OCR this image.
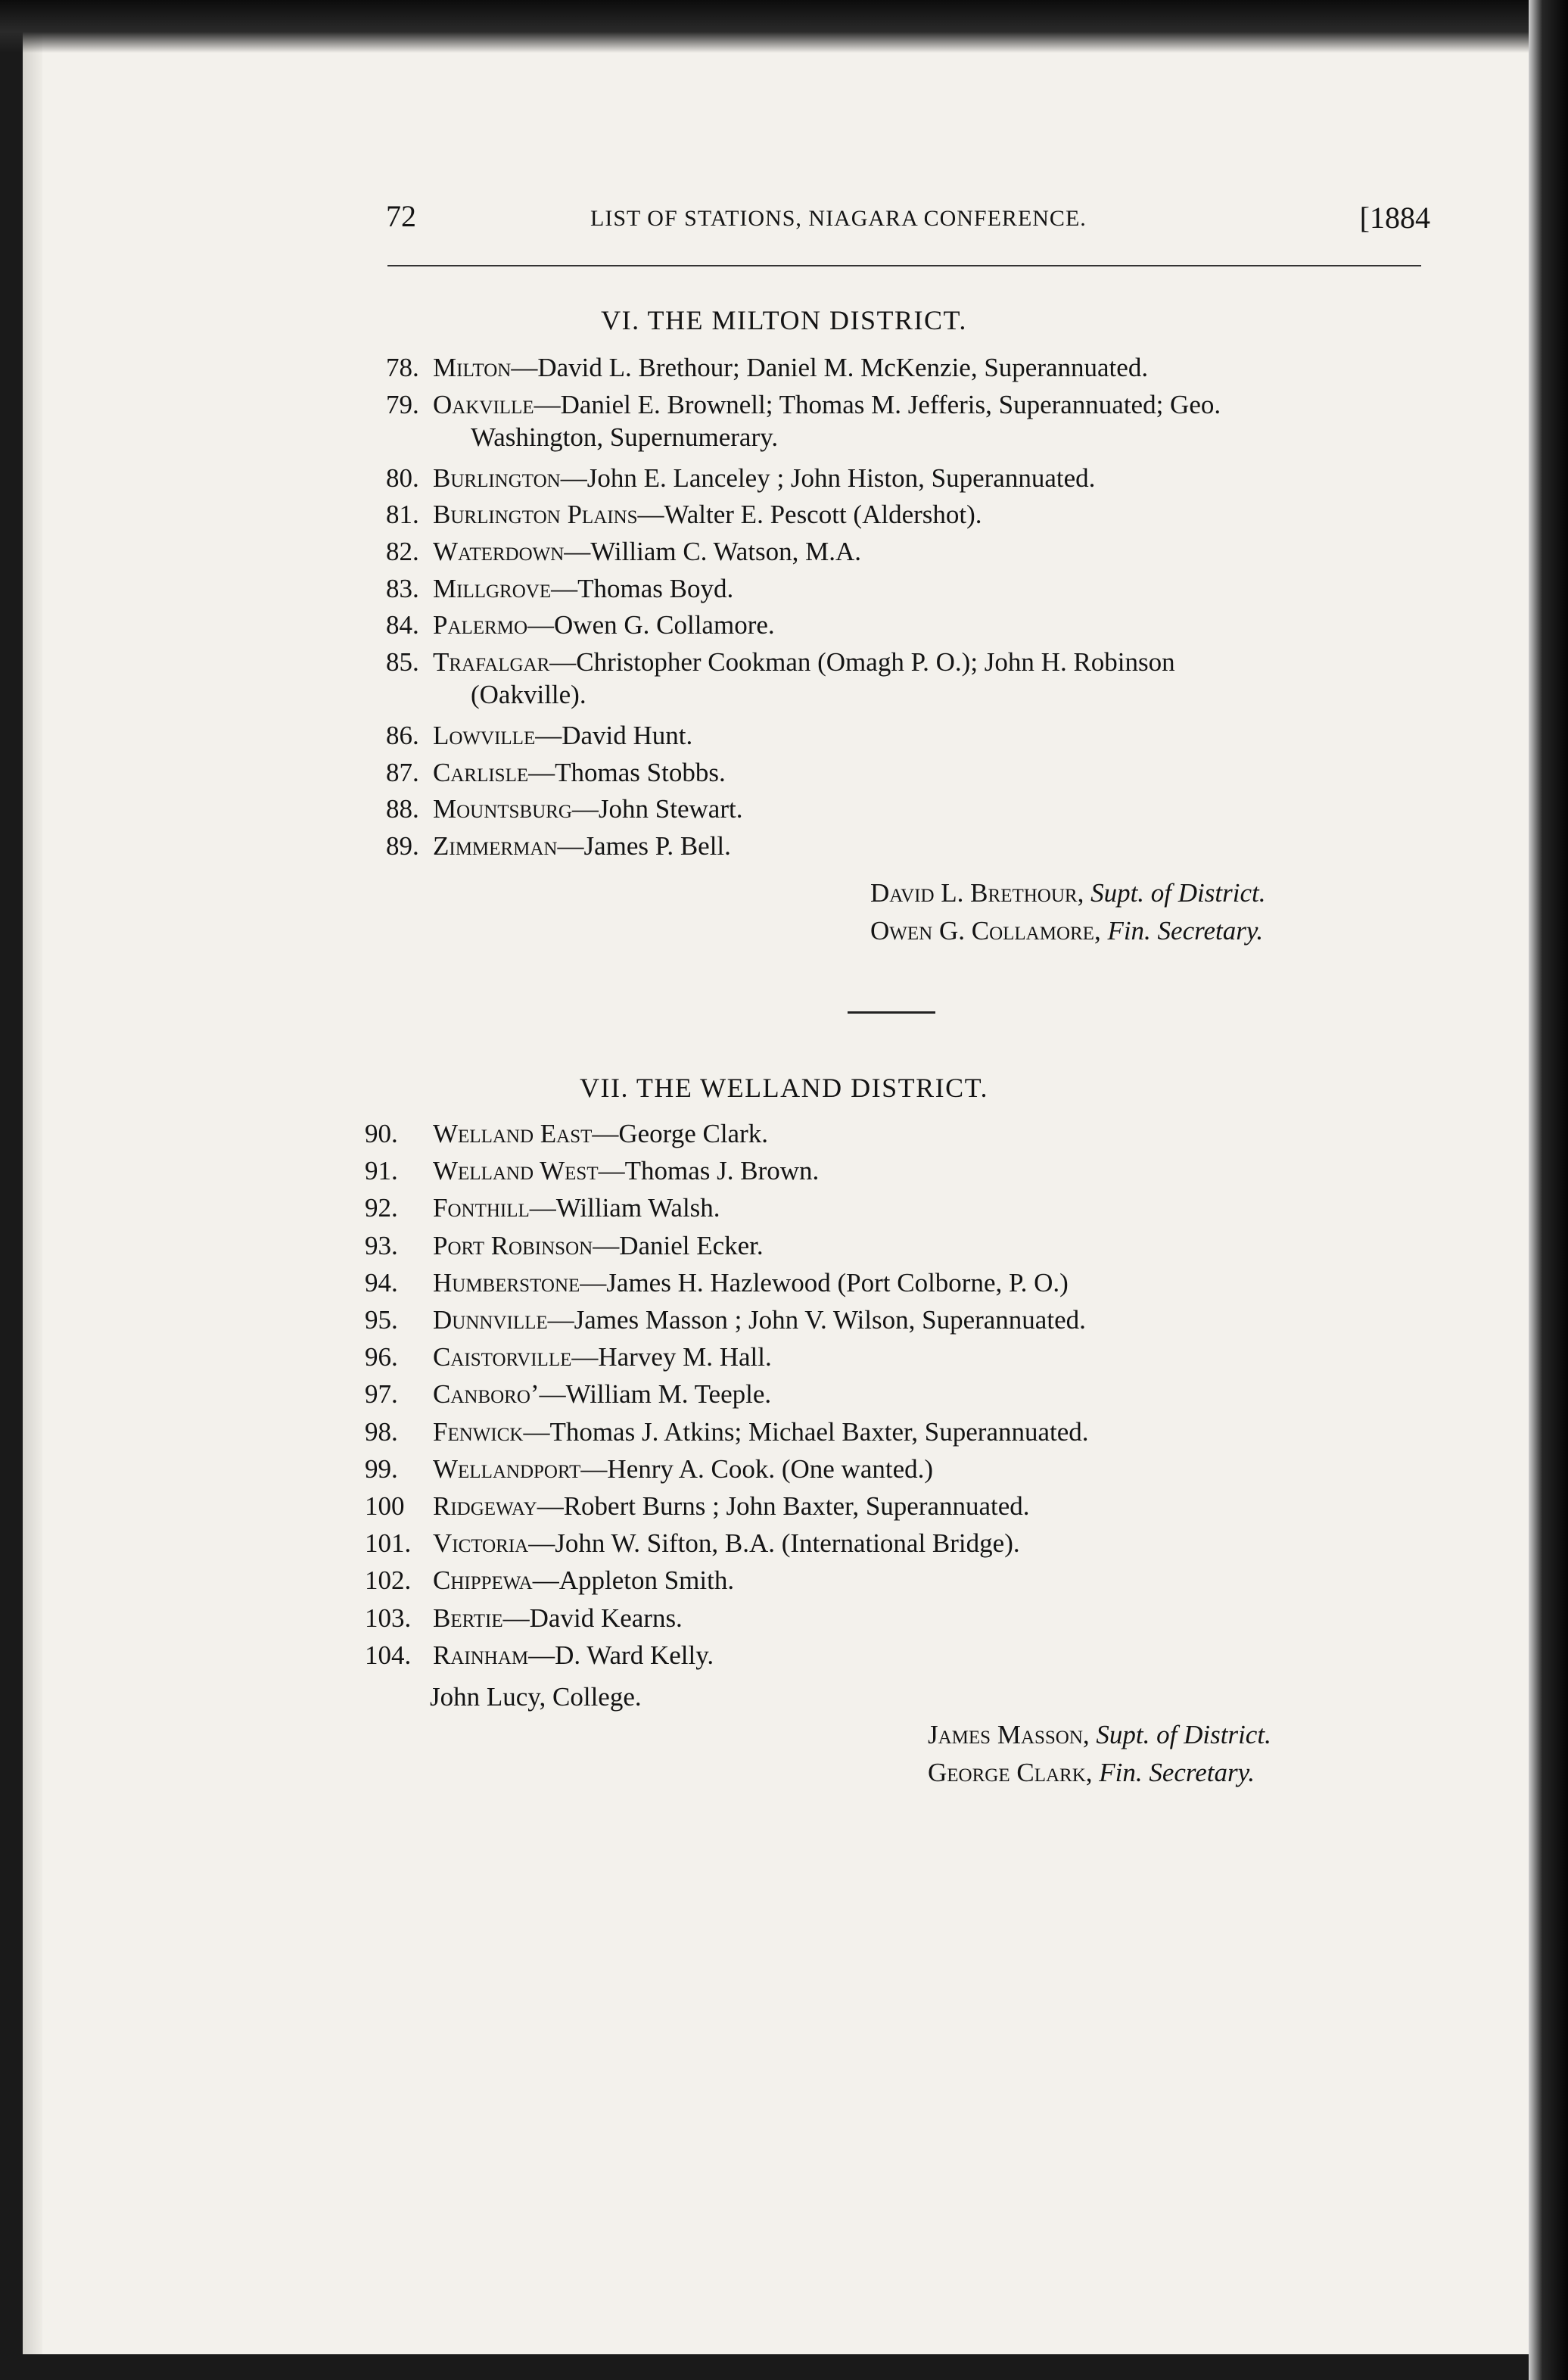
72	LIST OF STATIONS, NIAGARA CONFERENCE.	[1884
VI. THE MILTON DISTRICT.
78. Milton—David L. Brethour; Daniel M. McKenzie, Superannuated.
79. Oakville—Daniel E. Brownell; Thomas M. Jefferis, Superannuated; Geo.
Washington, Supernumerary.
80. Burlington—John E. Lanceley ; John Histon, Superannuated.
81. Burlington Plains—Walter E. Pescott (Aldershot).
82. Waterdown—William C. Watson, M.A.
83. Millgrove—Thomas Boyd.
84. Palermo—Owen G. Collamore.
85. Trafalgar—Christopher Cookman (Omagh P. O.); John H. Robinson
(Oakville).
86. Lowville—David Hunt.
87. Carlisle—Thomas Stobbs.
88. Mountsburg—John Stewart.
89. Zimmerman—James P. Bell.
David L. Brethour, Supt. of District.
Owen G. Collamore, Fin. Secretary.
VII. THE WELLAND DISTRICT.
90. Welland East—George Clark.
91. Welland West—Thomas J. Brown.
92. Fonthill—William Walsh.
93. Port Robinson—Daniel Ecker.
94. Humberstone—James H. Hazlewood (Port Colborne, P. O.)
95. Dunnville—James Masson ; John V. Wilson, Superannuated.
96. Caistorville—Harvey M. Hall.
97. Canboro’—William M. Teeple.
98. Fenwick—Thomas J. Atkins; Michael Baxter, Superannuated.
99. Wellandport—Henry A. Cook. (One wanted.)
100 Ridgeway—Robert Burns ; John Baxter, Superannuated.
101. Victoria—John W. Sifton, B.A. (International Bridge).
102. Chippewa—Appleton Smith.
103. Bertie—David Kearns.
104. Rainham—D. Ward Kelly.
John Lucy, College.
James Masson, Supt. of District.
George Clark, Fin. Secretary.
